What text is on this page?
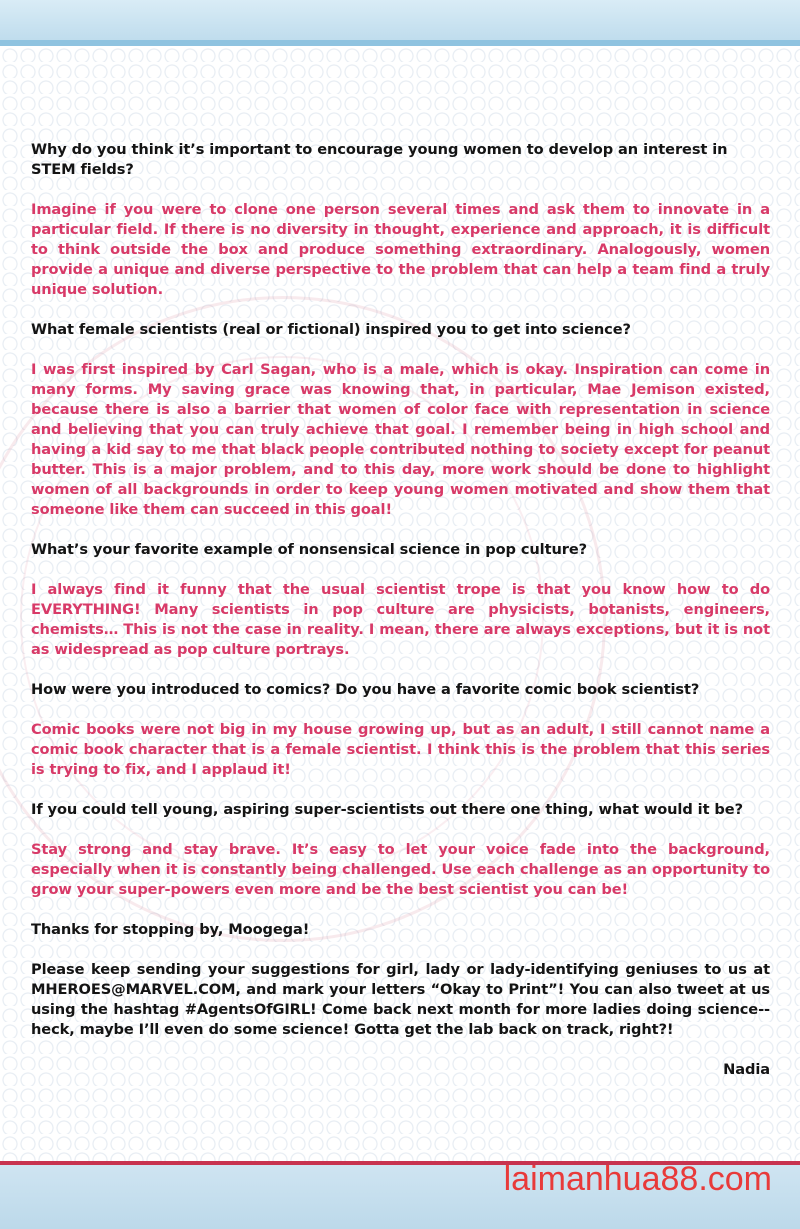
Why do you think it’s important to encourage young women to develop an interest in STEM fields?

Imagine if you were to clone one person several times and ask them to innovate in a particular field. If there is no diversity in thought, experience and approach, it is difficult to think outside the box and produce something extraordinary. Analogously, women provide a unique and diverse perspective to the problem that can help a team find a truly unique solution.

What female scientists (real or fictional) inspired you to get into science?

I was first inspired by Carl Sagan, who is a male, which is okay. Inspiration can come in many forms. My saving grace was knowing that, in particular, Mae Jemison existed, because there is also a barrier that women of color face with representation in science and believing that you can truly achieve that goal. I remember being in high school and having a kid say to me that black people contributed nothing to society except for peanut butter. This is a major problem, and to this day, more work should be done to highlight women of all backgrounds in order to keep young women motivated and show them that someone like them can succeed in this goal!

What’s your favorite example of nonsensical science in pop culture?

I always find it funny that the usual scientist trope is that you know how to do EVERYTHING! Many scientists in pop culture are physicists, botanists, engineers, chemists… This is not the case in reality. I mean, there are always exceptions, but it is not as widespread as pop culture portrays.

How were you introduced to comics? Do you have a favorite comic book scientist?

Comic books were not big in my house growing up, but as an adult, I still cannot name a comic book character that is a female scientist. I think this is the problem that this series is trying to fix, and I applaud it!

If you could tell young, aspiring super-scientists out there one thing, what would it be?

Stay strong and stay brave. It’s easy to let your voice fade into the background, especially when it is constantly being challenged. Use each challenge as an opportunity to grow your super-powers even more and be the best scientist you can be!

Thanks for stopping by, Moogega!

Please keep sending your suggestions for girl, lady or lady-identifying geniuses to us at MHEROES@MARVEL.COM, and mark your letters “Okay to Print”! You can also tweet at us using the hashtag #AgentsOfGIRL! Come back next month for more ladies doing science--heck, maybe I’ll even do some science! Gotta get the lab back on track, right?!

Nadia

laimanhua88.com
